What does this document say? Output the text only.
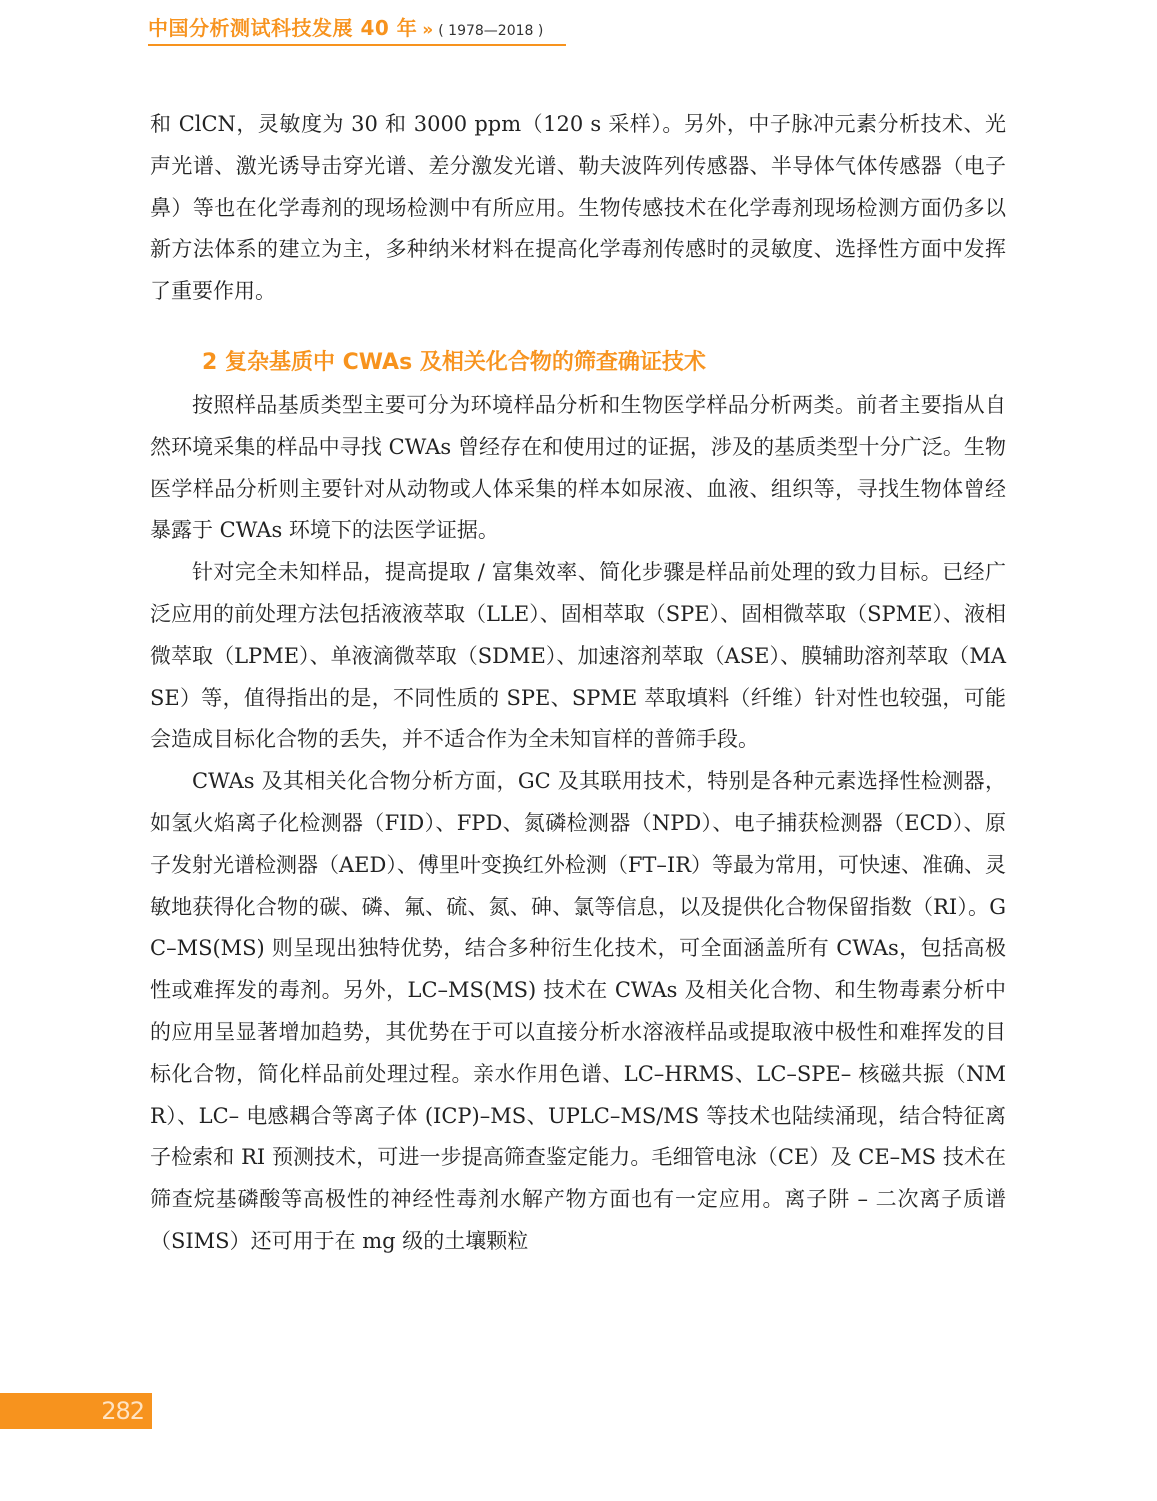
中国分析测试科技发展 40 年 » ( 1978—2018 )

和 ClCN，灵敏度为 30 和 3000 ppm（120 s 采样）。另外，中子脉冲元素分析技术、光声光谱、激光诱导击穿光谱、差分激发光谱、勒夫波阵列传感器、半导体气体传感器（电子鼻）等也在化学毒剂的现场检测中有所应用。生物传感技术在化学毒剂现场检测方面仍多以新方法体系的建立为主，多种纳米材料在提高化学毒剂传感时的灵敏度、选择性方面中发挥了重要作用。

2 复杂基质中 CWAs 及相关化合物的筛查确证技术

按照样品基质类型主要可分为环境样品分析和生物医学样品分析两类。前者主要指从自然环境采集的样品中寻找 CWAs 曾经存在和使用过的证据，涉及的基质类型十分广泛。生物医学样品分析则主要针对从动物或人体采集的样本如尿液、血液、组织等，寻找生物体曾经暴露于 CWAs 环境下的法医学证据。

针对完全未知样品，提高提取 / 富集效率、简化步骤是样品前处理的致力目标。已经广泛应用的前处理方法包括液液萃取（LLE）、固相萃取（SPE）、固相微萃取（SPME）、液相微萃取（LPME）、单液滴微萃取（SDME）、加速溶剂萃取（ASE）、膜辅助溶剂萃取（MASE）等，值得指出的是，不同性质的 SPE、SPME 萃取填料（纤维）针对性也较强，可能会造成目标化合物的丢失，并不适合作为全未知盲样的普筛手段。

CWAs 及其相关化合物分析方面，GC 及其联用技术，特别是各种元素选择性检测器，如氢火焰离子化检测器（FID）、FPD、氮磷检测器（NPD）、电子捕获检测器（ECD）、原子发射光谱检测器（AED）、傅里叶变换红外检测（FT–IR）等最为常用，可快速、准确、灵敏地获得化合物的碳、磷、氟、硫、氮、砷、氯等信息，以及提供化合物保留指数（RI）。GC–MS(MS) 则呈现出独特优势，结合多种衍生化技术，可全面涵盖所有 CWAs，包括高极性或难挥发的毒剂。另外，LC–MS(MS) 技术在 CWAs 及相关化合物、和生物毒素分析中的应用呈显著增加趋势，其优势在于可以直接分析水溶液样品或提取液中极性和难挥发的目标化合物，简化样品前处理过程。亲水作用色谱、LC–HRMS、LC–SPE– 核磁共振（NMR）、LC– 电感耦合等离子体 (ICP)–MS、UPLC–MS/MS 等技术也陆续涌现，结合特征离子检索和 RI 预测技术，可进一步提高筛查鉴定能力。毛细管电泳（CE）及 CE–MS 技术在筛查烷基磷酸等高极性的神经性毒剂水解产物方面也有一定应用。离子阱 – 二次离子质谱（SIMS）还可用于在 mg 级的土壤颗粒

282
